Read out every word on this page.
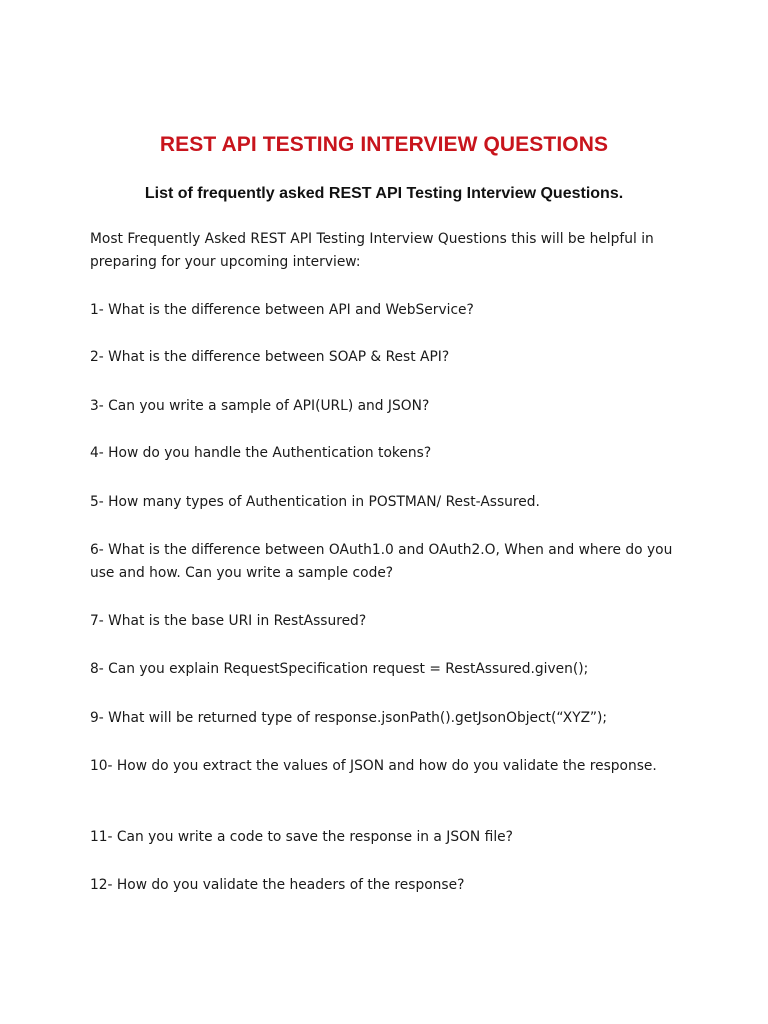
REST API TESTING INTERVIEW QUESTIONS
List of frequently asked REST API Testing Interview Questions.

Most Frequently Asked REST API Testing Interview Questions this will be helpful in preparing for your upcoming interview:

1- What is the difference between API and WebService?

2- What is the difference between SOAP & Rest API?

3- Can you write a sample of API(URL) and JSON?

4- How do you handle the Authentication tokens?

5- How many types of Authentication in POSTMAN/ Rest-Assured.

6- What is the difference between OAuth1.0 and OAuth2.O, When and where do you use and how. Can you write a sample code?

7- What is the base URI in RestAssured?

8- Can you explain RequestSpecification request = RestAssured.given();

9- What will be returned type of response.jsonPath().getJsonObject(“XYZ”);

10- How do you extract the values of JSON and how do you validate the response.

11- Can you write a code to save the response in a JSON file?

12- How do you validate the headers of the response?
